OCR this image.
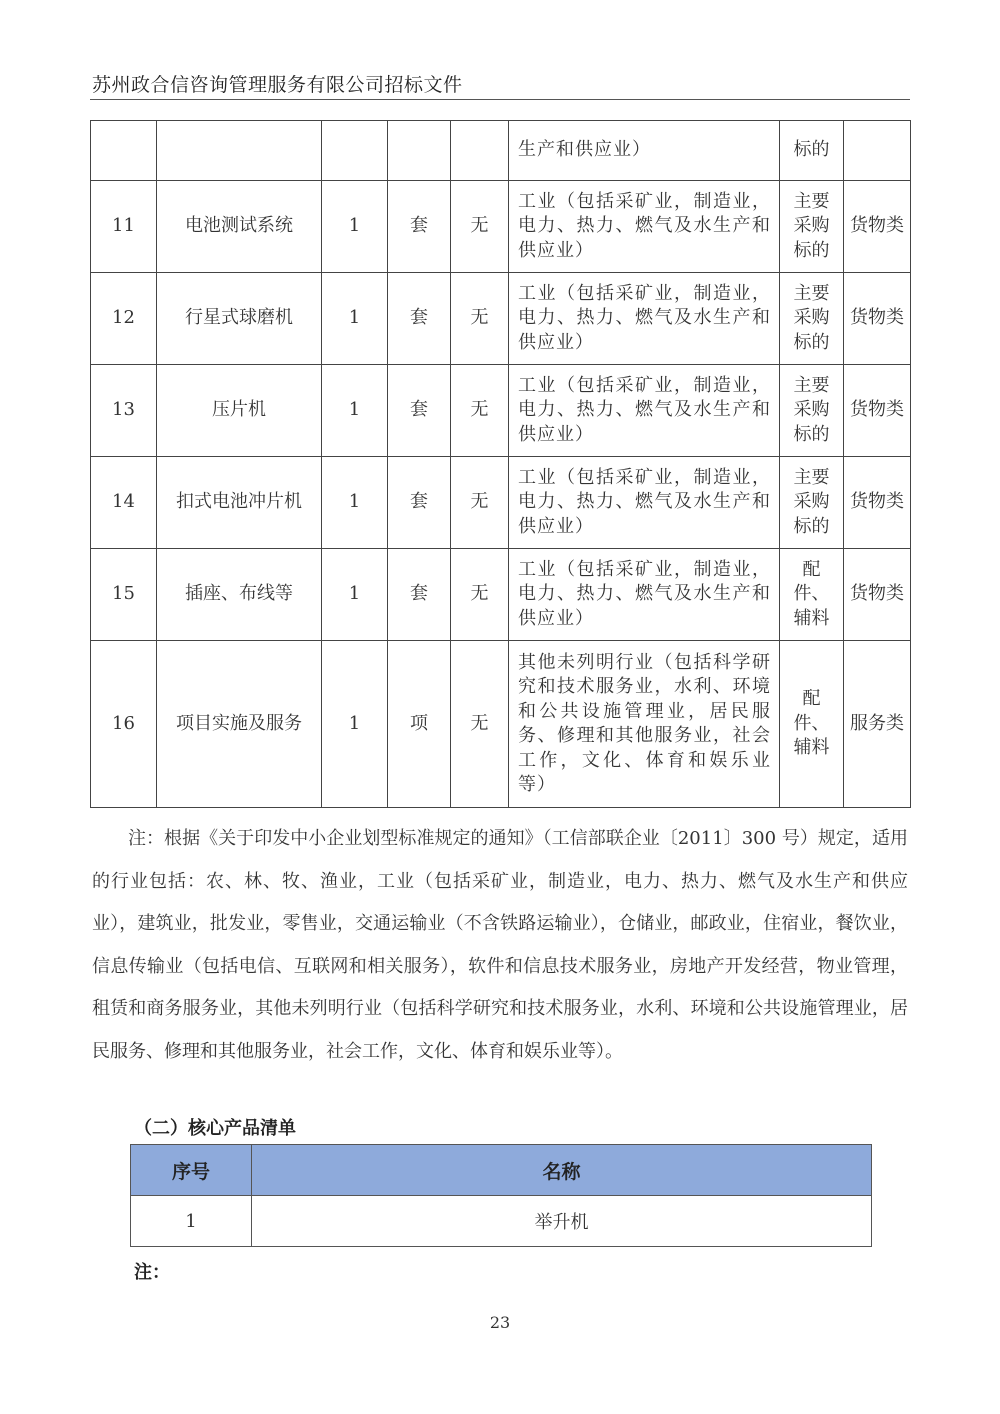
苏州政合信咨询管理服务有限公司招标文件
					生产和供应业）	标的	
11	电池测试系统	1	套	无	工业（包括采矿业，制造业，电力、热力、燃气及水生产和供应业）	主要采购标的	货物类
12	行星式球磨机	1	套	无	工业（包括采矿业，制造业，电力、热力、燃气及水生产和供应业）	主要采购标的	货物类
13	压片机	1	套	无	工业（包括采矿业，制造业，电力、热力、燃气及水生产和供应业）	主要采购标的	货物类
14	扣式电池冲片机	1	套	无	工业（包括采矿业，制造业，电力、热力、燃气及水生产和供应业）	主要采购标的	货物类
15	插座、布线等	1	套	无	工业（包括采矿业，制造业，电力、热力、燃气及水生产和供应业）	配件、辅料	货物类
16	项目实施及服务	1	项	无	其他未列明行业（包括科学研究和技术服务业，水利、环境和公共设施管理业，居民服务、修理和其他服务业，社会工作，文化、体育和娱乐业等）	配件、辅料	服务类
注：根据《关于印发中小企业划型标准规定的通知》（工信部联企业〔2011〕300 号）规定，适用的行业包括：农、林、牧、渔业，工业（包括采矿业，制造业，电力、热力、燃气及水生产和供应业），建筑业，批发业，零售业，交通运输业（不含铁路运输业），仓储业，邮政业，住宿业，餐饮业，信息传输业（包括电信、互联网和相关服务），软件和信息技术服务业，房地产开发经营，物业管理，租赁和商务服务业，其他未列明行业（包括科学研究和技术服务业，水利、环境和公共设施管理业，居民服务、修理和其他服务业，社会工作，文化、体育和娱乐业等）。
（二）核心产品清单
序号	名称
1	举升机
注：
23
